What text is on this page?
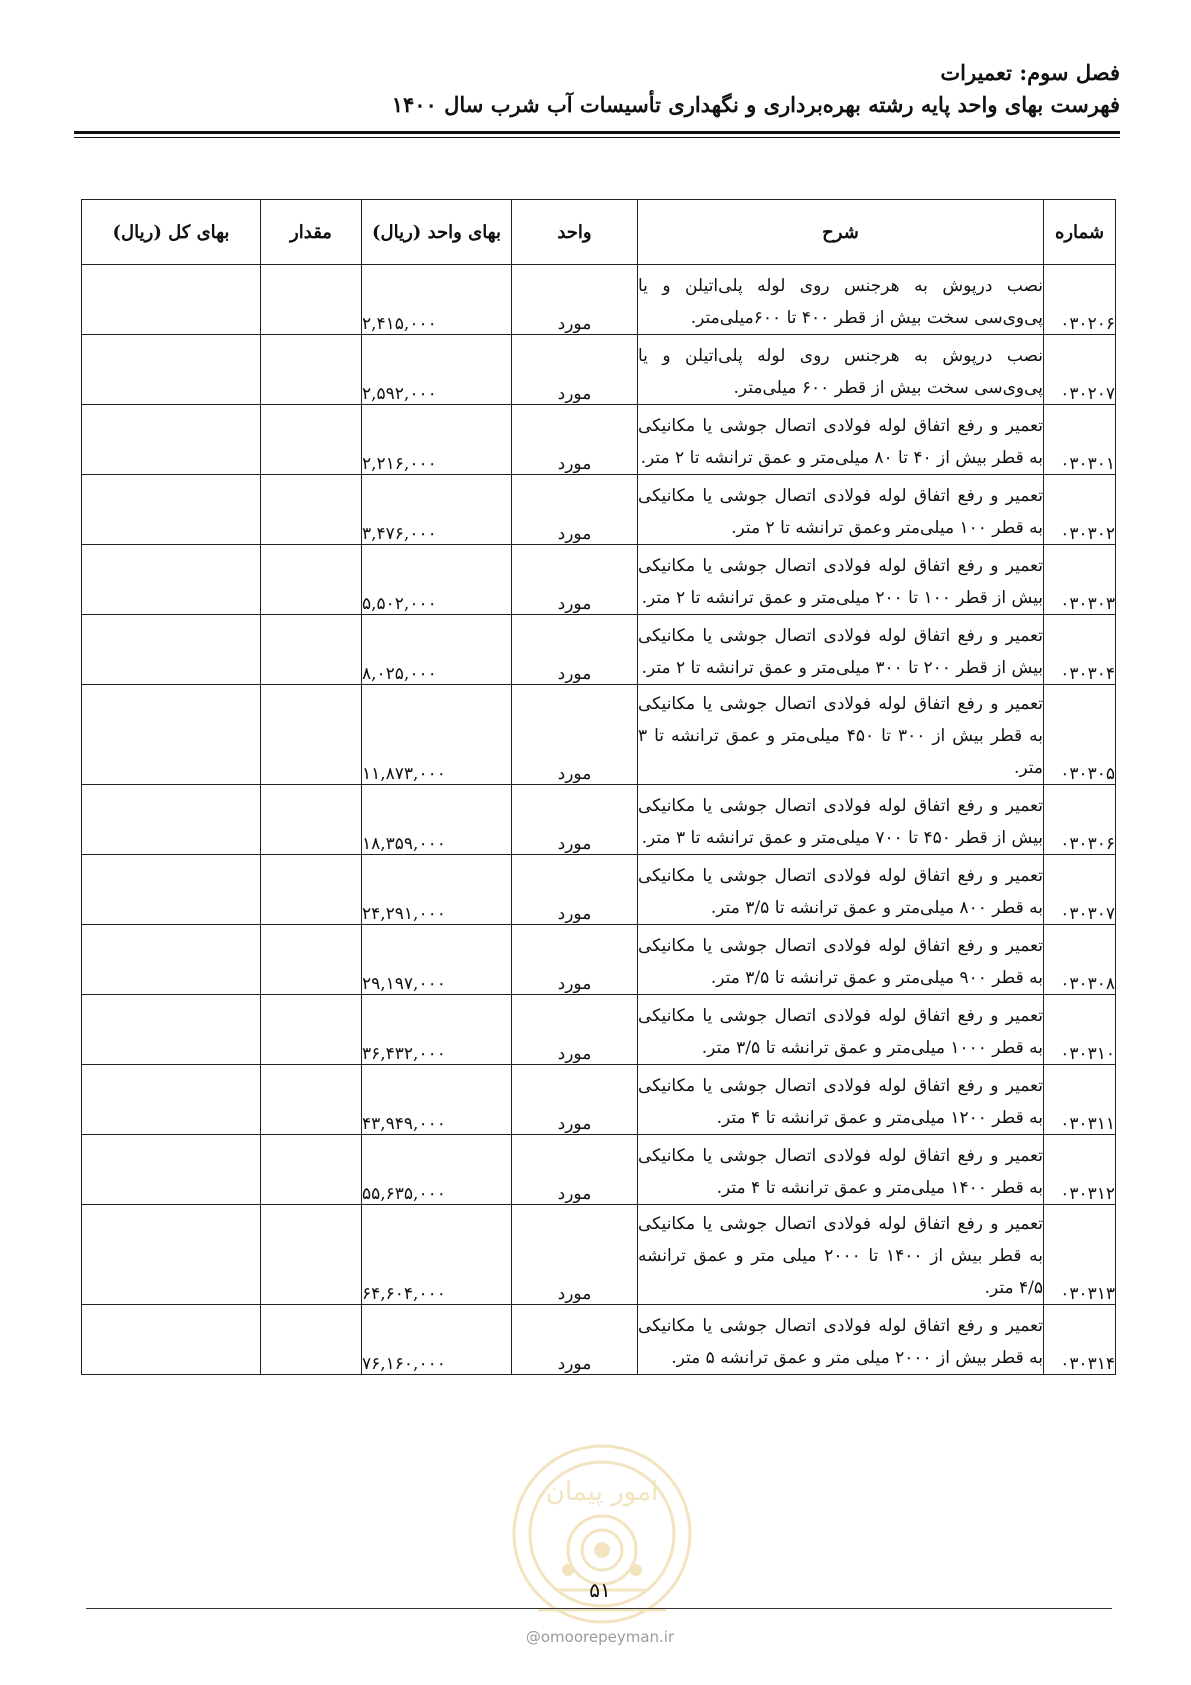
فصل سوم: تعمیرات
فهرست بهای واحد پایه رشته بهره‌برداری و نگهداری تأسیسات آب شرب سال ۱۴۰۰
شماره	شرح	واحد	بهای واحد (ریال)	مقدار	بهای کل (ریال)
۰۳۰۲۰۶	نصب درپوش به هرجنس روی لوله پلی‌اتیلن و یا پی‌وی‌سی سخت بیش از قطر ۴۰۰ تا ۶۰۰میلی‌متر.	مورد	۲,۴۱۵,۰۰۰		
۰۳۰۲۰۷	نصب درپوش به هرجنس روی لوله پلی‌اتیلن و یا پی‌وی‌سی سخت بیش از قطر ۶۰۰ میلی‌متر.	مورد	۲,۵۹۲,۰۰۰		
۰۳۰۳۰۱	تعمیر و رفع اتفاق لوله فولادی اتصال جوشی یا مکانیکی به قطر بیش از ۴۰ تا ۸۰ میلی‌متر و عمق ترانشه تا ۲ متر.	مورد	۲,۲۱۶,۰۰۰		
۰۳۰۳۰۲	تعمیر و رفع اتفاق لوله فولادی اتصال جوشی یا مکانیکی به قطر ۱۰۰ میلی‌متر وعمق ترانشه تا ۲ متر.	مورد	۳,۴۷۶,۰۰۰		
۰۳۰۳۰۳	تعمیر و رفع اتفاق لوله فولادی اتصال جوشی یا مکانیکی بیش از قطر ۱۰۰ تا ۲۰۰ میلی‌متر و عمق ترانشه تا ۲ متر.	مورد	۵,۵۰۲,۰۰۰		
۰۳۰۳۰۴	تعمیر و رفع اتفاق لوله فولادی اتصال جوشی یا مکانیکی بیش از قطر ۲۰۰ تا ۳۰۰ میلی‌متر و عمق ترانشه تا ۲ متر.	مورد	۸,۰۲۵,۰۰۰		
۰۳۰۳۰۵	تعمیر و رفع اتفاق لوله فولادی اتصال جوشی یا مکانیکی به قطر بیش از ۳۰۰ تا ۴۵۰ میلی‌متر و عمق ترانشه تا ۳ متر.	مورد	۱۱,۸۷۳,۰۰۰		
۰۳۰۳۰۶	تعمیر و رفع اتفاق لوله فولادی اتصال جوشی یا مکانیکی بیش از قطر ۴۵۰ تا ۷۰۰ میلی‌متر و عمق ترانشه تا ۳ متر.	مورد	۱۸,۳۵۹,۰۰۰		
۰۳۰۳۰۷	تعمیر و رفع اتفاق لوله فولادی اتصال جوشی یا مکانیکی به قطر ۸۰۰ میلی‌متر و عمق ترانشه تا ۳/۵ متر.	مورد	۲۴,۲۹۱,۰۰۰		
۰۳۰۳۰۸	تعمیر و رفع اتفاق لوله فولادی اتصال جوشی یا مکانیکی به قطر ۹۰۰ میلی‌متر و عمق ترانشه تا ۳/۵ متر.	مورد	۲۹,۱۹۷,۰۰۰		
۰۳۰۳۱۰	تعمیر و رفع اتفاق لوله فولادی اتصال جوشی یا مکانیکی به قطر ۱۰۰۰ میلی‌متر و عمق ترانشه تا ۳/۵ متر.	مورد	۳۶,۴۳۲,۰۰۰		
۰۳۰۳۱۱	تعمیر و رفع اتفاق لوله فولادی اتصال جوشی یا مکانیکی به قطر ۱۲۰۰ میلی‌متر و عمق ترانشه تا ۴ متر.	مورد	۴۳,۹۴۹,۰۰۰		
۰۳۰۳۱۲	تعمیر و رفع اتفاق لوله فولادی اتصال جوشی یا مکانیکی به قطر ۱۴۰۰ میلی‌متر و عمق ترانشه تا ۴ متر.	مورد	۵۵,۶۳۵,۰۰۰		
۰۳۰۳۱۳	تعمیر و رفع اتفاق لوله فولادی اتصال جوشی یا مکانیکی به قطر بیش از ۱۴۰۰ تا ۲۰۰۰ میلی متر و عمق ترانشه ۴/۵ متر.	مورد	۶۴,۶۰۴,۰۰۰		
۰۳۰۳۱۴	تعمیر و رفع اتفاق لوله فولادی اتصال جوشی یا مکانیکی به قطر بیش از ۲۰۰۰ میلی متر و عمق ترانشه ۵ متر.	مورد	۷۶,۱۶۰,۰۰۰		
امور پیمان
۵۱
@omoorepeyman.ir
